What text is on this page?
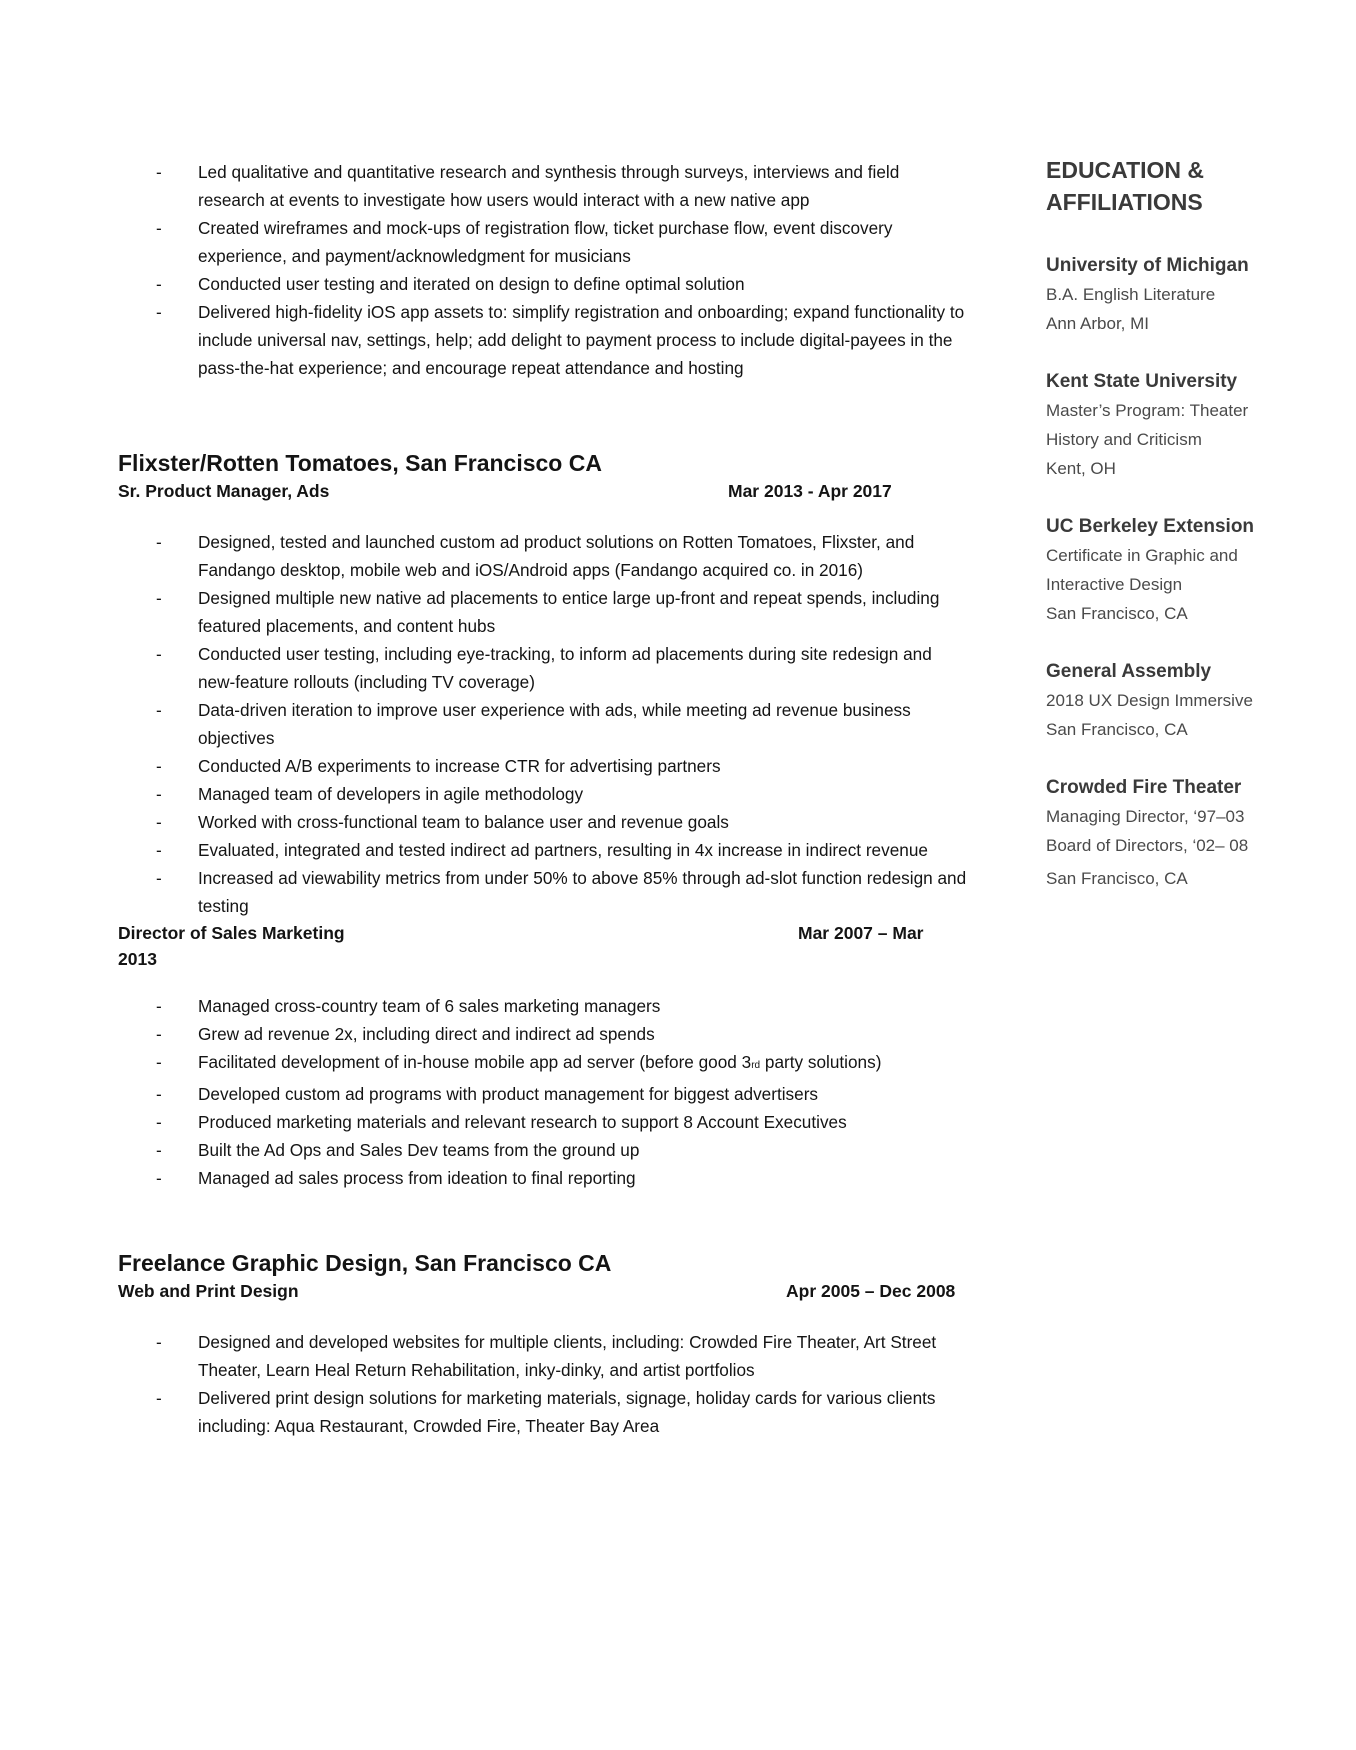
- Led qualitative and quantitative research and synthesis through surveys, interviews and field research at events to investigate how users would interact with a new native app
- Created wireframes and mock-ups of registration flow, ticket purchase flow, event discovery experience, and payment/acknowledgment for musicians
- Conducted user testing and iterated on design to define optimal solution
- Delivered high-fidelity iOS app assets to: simplify registration and onboarding; expand functionality to include universal nav, settings, help; add delight to payment process to include digital-payees in the pass-the-hat experience; and encourage repeat attendance and hosting
Flixster/Rotten Tomatoes, San Francisco CA
Sr. Product Manager, Ads	Mar 2013 - Apr 2017
- Designed, tested and launched custom ad product solutions on Rotten Tomatoes, Flixster, and Fandango desktop, mobile web and iOS/Android apps (Fandango acquired co. in 2016)
- Designed multiple new native ad placements to entice large up-front and repeat spends, including featured placements, and content hubs
- Conducted user testing, including eye-tracking, to inform ad placements during site redesign and new-feature rollouts (including TV coverage)
- Data-driven iteration to improve user experience with ads, while meeting ad revenue business objectives
- Conducted A/B experiments to increase CTR for advertising partners
- Managed team of developers in agile methodology
- Worked with cross-functional team to balance user and revenue goals
- Evaluated, integrated and tested indirect ad partners, resulting in 4x increase in indirect revenue
- Increased ad viewability metrics from under 50% to above 85% through ad-slot function redesign and testing
Director of Sales Marketing	Mar 2007 – Mar
2013
- Managed cross-country team of 6 sales marketing managers
- Grew ad revenue 2x, including direct and indirect ad spends
- Facilitated development of in-house mobile app ad server (before good 3rd party solutions)
- Developed custom ad programs with product management for biggest advertisers
- Produced marketing materials and relevant research to support 8 Account Executives
- Built the Ad Ops and Sales Dev teams from the ground up
- Managed ad sales process from ideation to final reporting
Freelance Graphic Design, San Francisco CA
Web and Print Design	Apr 2005 – Dec 2008
- Designed and developed websites for multiple clients, including: Crowded Fire Theater, Art Street Theater, Learn Heal Return Rehabilitation, inky-dinky, and artist portfolios
- Delivered print design solutions for marketing materials, signage, holiday cards for various clients including: Aqua Restaurant, Crowded Fire, Theater Bay Area
EDUCATION &
AFFILIATIONS
University of Michigan
B.A. English Literature
Ann Arbor, MI
Kent State University
Master’s Program: Theater
History and Criticism
Kent, OH
UC Berkeley Extension
Certificate in Graphic and
Interactive Design
San Francisco, CA
General Assembly
2018 UX Design Immersive
San Francisco, CA
Crowded Fire Theater
Managing Director, ‘97–03
Board of Directors, ‘02– 08
San Francisco, CA
